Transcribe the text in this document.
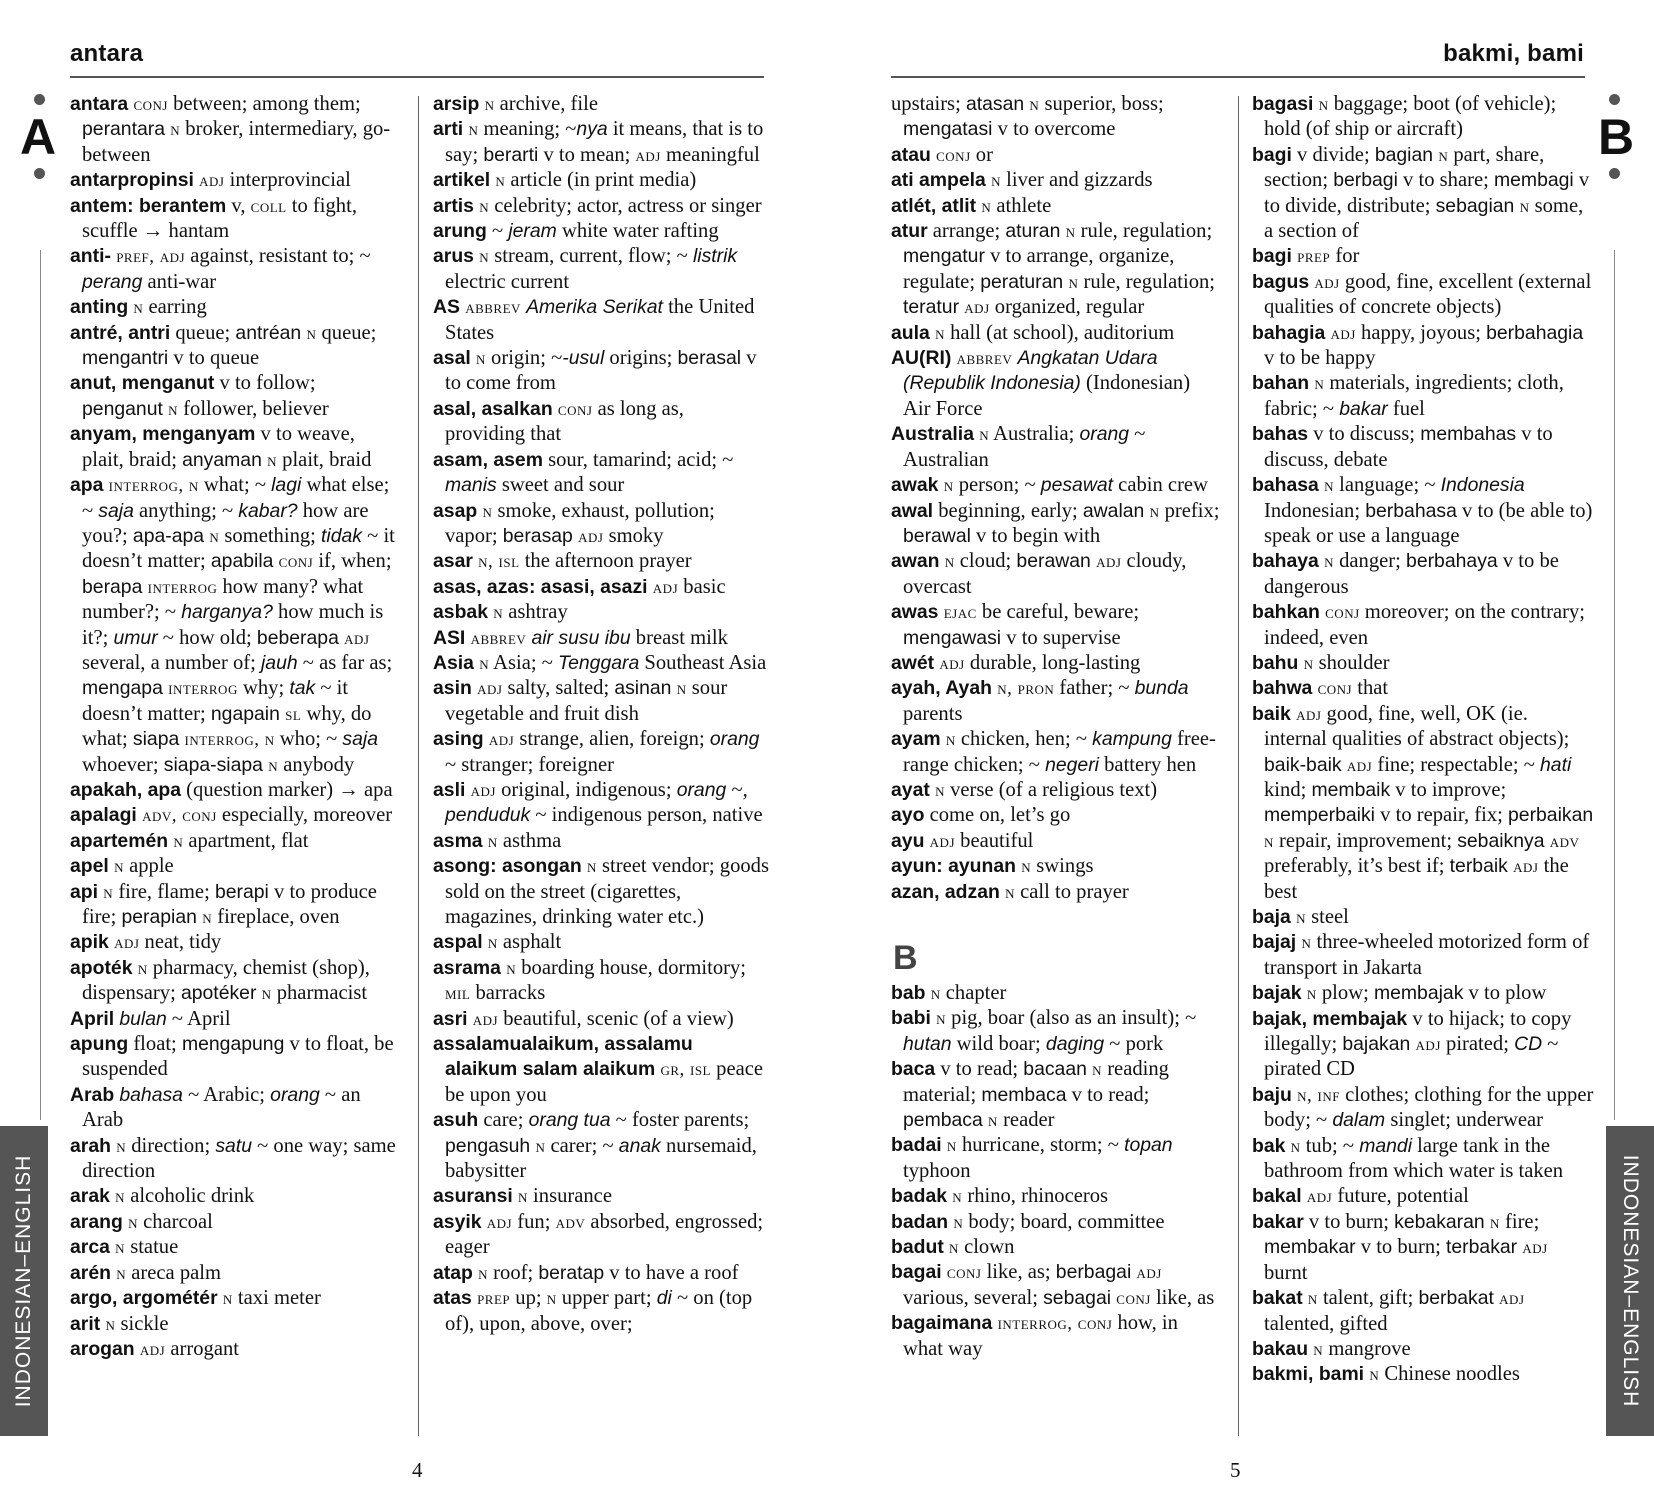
antara
A
INDONESIAN–ENGLISH

antara conj between; among them; perantara n broker, intermediary, go-between

antarpropinsi adj interprovincial

antem: berantem v, coll to fight, scuffle → hantam

anti- pref, adj against, resistant to; ~ perang anti-war

anting n earring

antré, antri queue; antréan n queue; mengantri v to queue

anut, menganut v to follow; penganut n follower, believer

anyam, menganyam v to weave, plait, braid; anyaman n plait, braid

apa interrog, n what; ~ lagi what else; ~ saja anything; ~ kabar? how are you?; apa-apa n something; tidak ~ it doesn’t matter; apabila conj if, when; berapa interrog how many? what number?; ~ harganya? how much is it?; umur ~ how old; beberapa adj several, a number of; jauh ~ as far as; mengapa interrog why; tak ~ it doesn’t matter; ngapain sl why, do what; siapa interrog, n who; ~ saja whoever; siapa-siapa n anybody

apakah, apa (question marker) → apa

apalagi adv, conj especially, moreover

apartemén n apartment, flat

apel n apple

api n fire, flame; berapi v to produce fire; perapian n fireplace, oven

apik adj neat, tidy

apoték n pharmacy, chemist (shop), dispensary; apotéker n pharmacist

April bulan ~ April

apung float; mengapung v to float, be suspended

Arab bahasa ~ Arabic; orang ~ an Arab

arah n direction; satu ~ one way; same direction

arak n alcoholic drink

arang n charcoal

arca n statue

arén n areca palm

argo, argométér n taxi meter

arit n sickle

arogan adj arrogant

arsip n archive, file

arti n meaning; ~nya it means, that is to say; berarti v to mean; adj meaningful

artikel n article (in print media)

artis n celebrity; actor, actress or singer

arung ~ jeram white water rafting

arus n stream, current, flow; ~ listrik electric current

AS abbrev Amerika Serikat the United States

asal n origin; ~-usul origins; berasal v to come from

asal, asalkan conj as long as, providing that

asam, asem sour, tamarind; acid; ~ manis sweet and sour

asap n smoke, exhaust, pollution; vapor; berasap adj smoky

asar n, isl the afternoon prayer

asas, azas: asasi, asazi adj basic

asbak n ashtray

ASI abbrev air susu ibu breast milk

Asia n Asia; ~ Tenggara Southeast Asia

asin adj salty, salted; asinan n sour vegetable and fruit dish

asing adj strange, alien, foreign; orang ~ stranger; foreigner

asli adj original, indigenous; orang ~, penduduk ~ indigenous person, native

asma n asthma

asong: asongan n street vendor; goods sold on the street (cigarettes, magazines, drinking water etc.)

aspal n asphalt

asrama n boarding house, dormitory; mil barracks

asri adj beautiful, scenic (of a view)

assalamualaikum, assalamu alaikum salam alaikum gr, isl peace be upon you

asuh care; orang tua ~ foster parents; pengasuh n carer; ~ anak nursemaid, babysitter

asuransi n insurance

asyik adj fun; adv absorbed, engrossed; eager

atap n roof; beratap v to have a roof

atas prep up; n upper part; di ~ on (top of), upon, above, over;

4
bakmi, bami

upstairs; atasan n superior, boss; mengatasi v to overcome

atau conj or

ati ampela n liver and gizzards

atlét, atlit n athlete

atur arrange; aturan n rule, regulation; mengatur v to arrange, organize, regulate; peraturan n rule, regulation; teratur adj organized, regular

aula n hall (at school), auditorium

AU(RI) abbrev Angkatan Udara (Republik Indonesia) (Indonesian) Air Force

Australia n Australia; orang ~ Australian

awak n person; ~ pesawat cabin crew

awal beginning, early; awalan n prefix; berawal v to begin with

awan n cloud; berawan adj cloudy, overcast

awas ejac be careful, beware; mengawasi v to supervise

awét adj durable, long-lasting

ayah, Ayah n, pron father; ~ bunda parents

ayam n chicken, hen; ~ kampung free-range chicken; ~ negeri battery hen

ayat n verse (of a religious text)

ayo come on, let’s go

ayu adj beautiful

ayun: ayunan n swings

azan, adzan n call to prayer

B

bab n chapter

babi n pig, boar (also as an insult); ~ hutan wild boar; daging ~ pork

baca v to read; bacaan n reading material; membaca v to read; pembaca n reader

badai n hurricane, storm; ~ topan typhoon

badak n rhino, rhinoceros

badan n body; board, committee

badut n clown

bagai conj like, as; berbagai adj various, several; sebagai conj like, as

bagaimana interrog, conj how, in what way

bagasi n baggage; boot (of vehicle); hold (of ship or aircraft)

bagi v divide; bagian n part, share, section; berbagi v to share; membagi v to divide, distribute; sebagian n some, a section of

bagi prep for

bagus adj good, fine, excellent (external qualities of concrete objects)

bahagia adj happy, joyous; berbahagia v to be happy

bahan n materials, ingredients; cloth, fabric; ~ bakar fuel

bahas v to discuss; membahas v to discuss, debate

bahasa n language; ~ Indonesia Indonesian; berbahasa v to (be able to) speak or use a language

bahaya n danger; berbahaya v to be dangerous

bahkan conj moreover; on the contrary; indeed, even

bahu n shoulder

bahwa conj that

baik adj good, fine, well, OK (ie. internal qualities of abstract objects); baik-baik adj fine; respectable; ~ hati kind; membaik v to improve; memperbaiki v to repair, fix; perbaikan n repair, improvement; sebaiknya adv preferably, it’s best if; terbaik adj the best

baja n steel

bajaj n three-wheeled motorized form of transport in Jakarta

bajak n plow; membajak v to plow

bajak, membajak v to hijack; to copy illegally; bajakan adj pirated; CD ~ pirated CD

baju n, inf clothes; clothing for the upper body; ~ dalam singlet; underwear

bak n tub; ~ mandi large tank in the bathroom from which water is taken

bakal adj future, potential

bakar v to burn; kebakaran n fire; membakar v to burn; terbakar adj burnt

bakat n talent, gift; berbakat adj talented, gifted

bakau n mangrove

bakmi, bami n Chinese noodles

B
INDONESIAN–ENGLISH
5
